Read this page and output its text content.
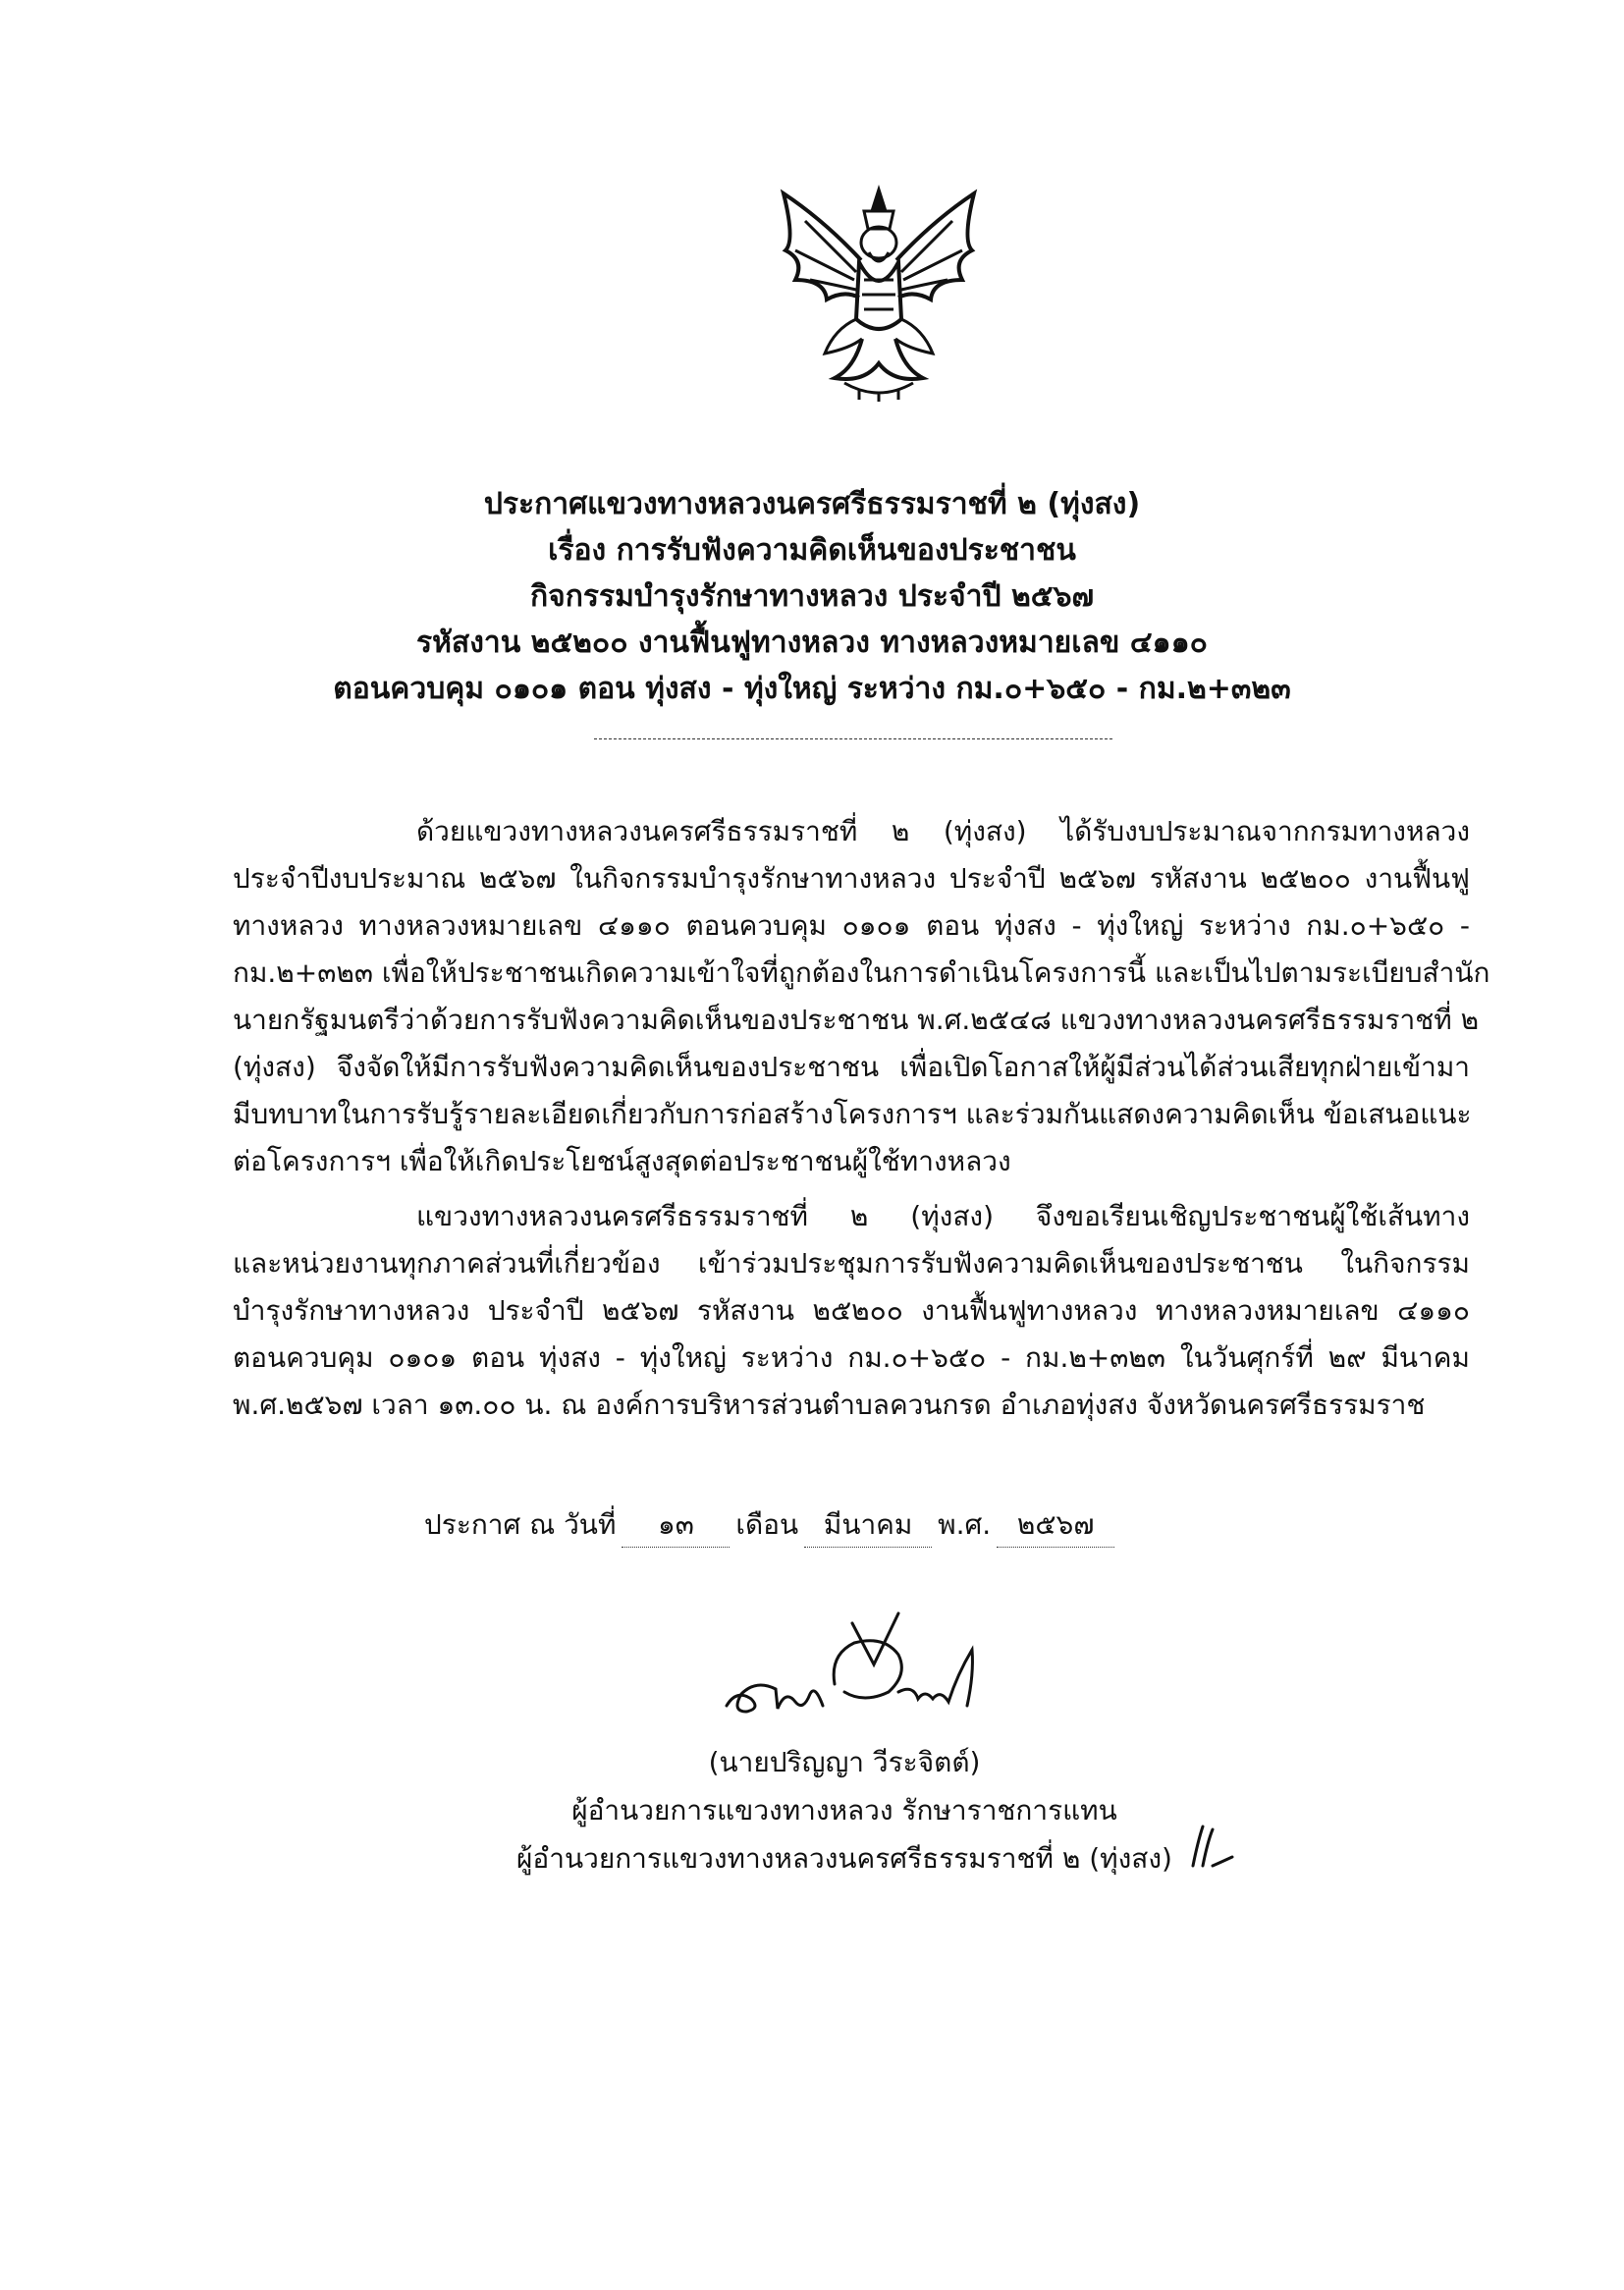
ประกาศแขวงทางหลวงนครศรีธรรมราชที่ ๒ (ทุ่งสง)
เรื่อง การรับฟังความคิดเห็นของประชาชน
กิจกรรมบำรุงรักษาทางหลวง ประจำปี ๒๕๖๗
รหัสงาน ๒๕๒๐๐ งานฟื้นฟูทางหลวง ทางหลวงหมายเลข ๔๑๑๐
ตอนควบคุม ๐๑๐๑ ตอน ทุ่งสง - ทุ่งใหญ่ ระหว่าง กม.๐+๖๕๐ - กม.๒+๓๒๓
ด้วยแขวงทางหลวงนครศรีธรรมราชที่ ๒ (ทุ่งสง) ได้รับงบประมาณจากกรมทางหลวง
ประจำปีงบประมาณ ๒๕๖๗ ในกิจกรรมบำรุงรักษาทางหลวง ประจำปี ๒๕๖๗ รหัสงาน ๒๕๒๐๐ งานฟื้นฟู
ทางหลวง ทางหลวงหมายเลข ๔๑๑๐ ตอนควบคุม ๐๑๐๑ ตอน ทุ่งสง - ทุ่งใหญ่ ระหว่าง กม.๐+๖๕๐ -
กม.๒+๓๒๓ เพื่อให้ประชาชนเกิดความเข้าใจที่ถูกต้องในการดำเนินโครงการนี้ และเป็นไปตามระเบียบสำนัก
นายกรัฐมนตรีว่าด้วยการรับฟังความคิดเห็นของประชาชน พ.ศ.๒๕๔๘ แขวงทางหลวงนครศรีธรรมราชที่ ๒
(ทุ่งสง) จึงจัดให้มีการรับฟังความคิดเห็นของประชาชน เพื่อเปิดโอกาสให้ผู้มีส่วนได้ส่วนเสียทุกฝ่ายเข้ามา
มีบทบาทในการรับรู้รายละเอียดเกี่ยวกับการก่อสร้างโครงการฯ และร่วมกันแสดงความคิดเห็น ข้อเสนอแนะ
ต่อโครงการฯ เพื่อให้เกิดประโยชน์สูงสุดต่อประชาชนผู้ใช้ทางหลวง
แขวงทางหลวงนครศรีธรรมราชที่ ๒ (ทุ่งสง) จึงขอเรียนเชิญประชาชนผู้ใช้เส้นทาง
และหน่วยงานทุกภาคส่วนที่เกี่ยวข้อง เข้าร่วมประชุมการรับฟังความคิดเห็นของประชาชน ในกิจกรรม
บำรุงรักษาทางหลวง ประจำปี ๒๕๖๗ รหัสงาน ๒๕๒๐๐ งานฟื้นฟูทางหลวง ทางหลวงหมายเลข ๔๑๑๐
ตอนควบคุม ๐๑๐๑ ตอน ทุ่งสง - ทุ่งใหญ่ ระหว่าง กม.๐+๖๕๐ - กม.๒+๓๒๓ ในวันศุกร์ที่ ๒๙ มีนาคม
พ.ศ.๒๕๖๗ เวลา ๑๓.๐๐ น. ณ องค์การบริหารส่วนตำบลควนกรด อำเภอทุ่งสง จังหวัดนครศรีธรรมราช
ประกาศ ณ วันที่ ๑๓ เดือน มีนาคม พ.ศ. ๒๕๖๗
(นายปริญญา วีระจิตต์)
ผู้อำนวยการแขวงทางหลวง รักษาราชการแทน
ผู้อำนวยการแขวงทางหลวงนครศรีธรรมราชที่ ๒ (ทุ่งสง)
